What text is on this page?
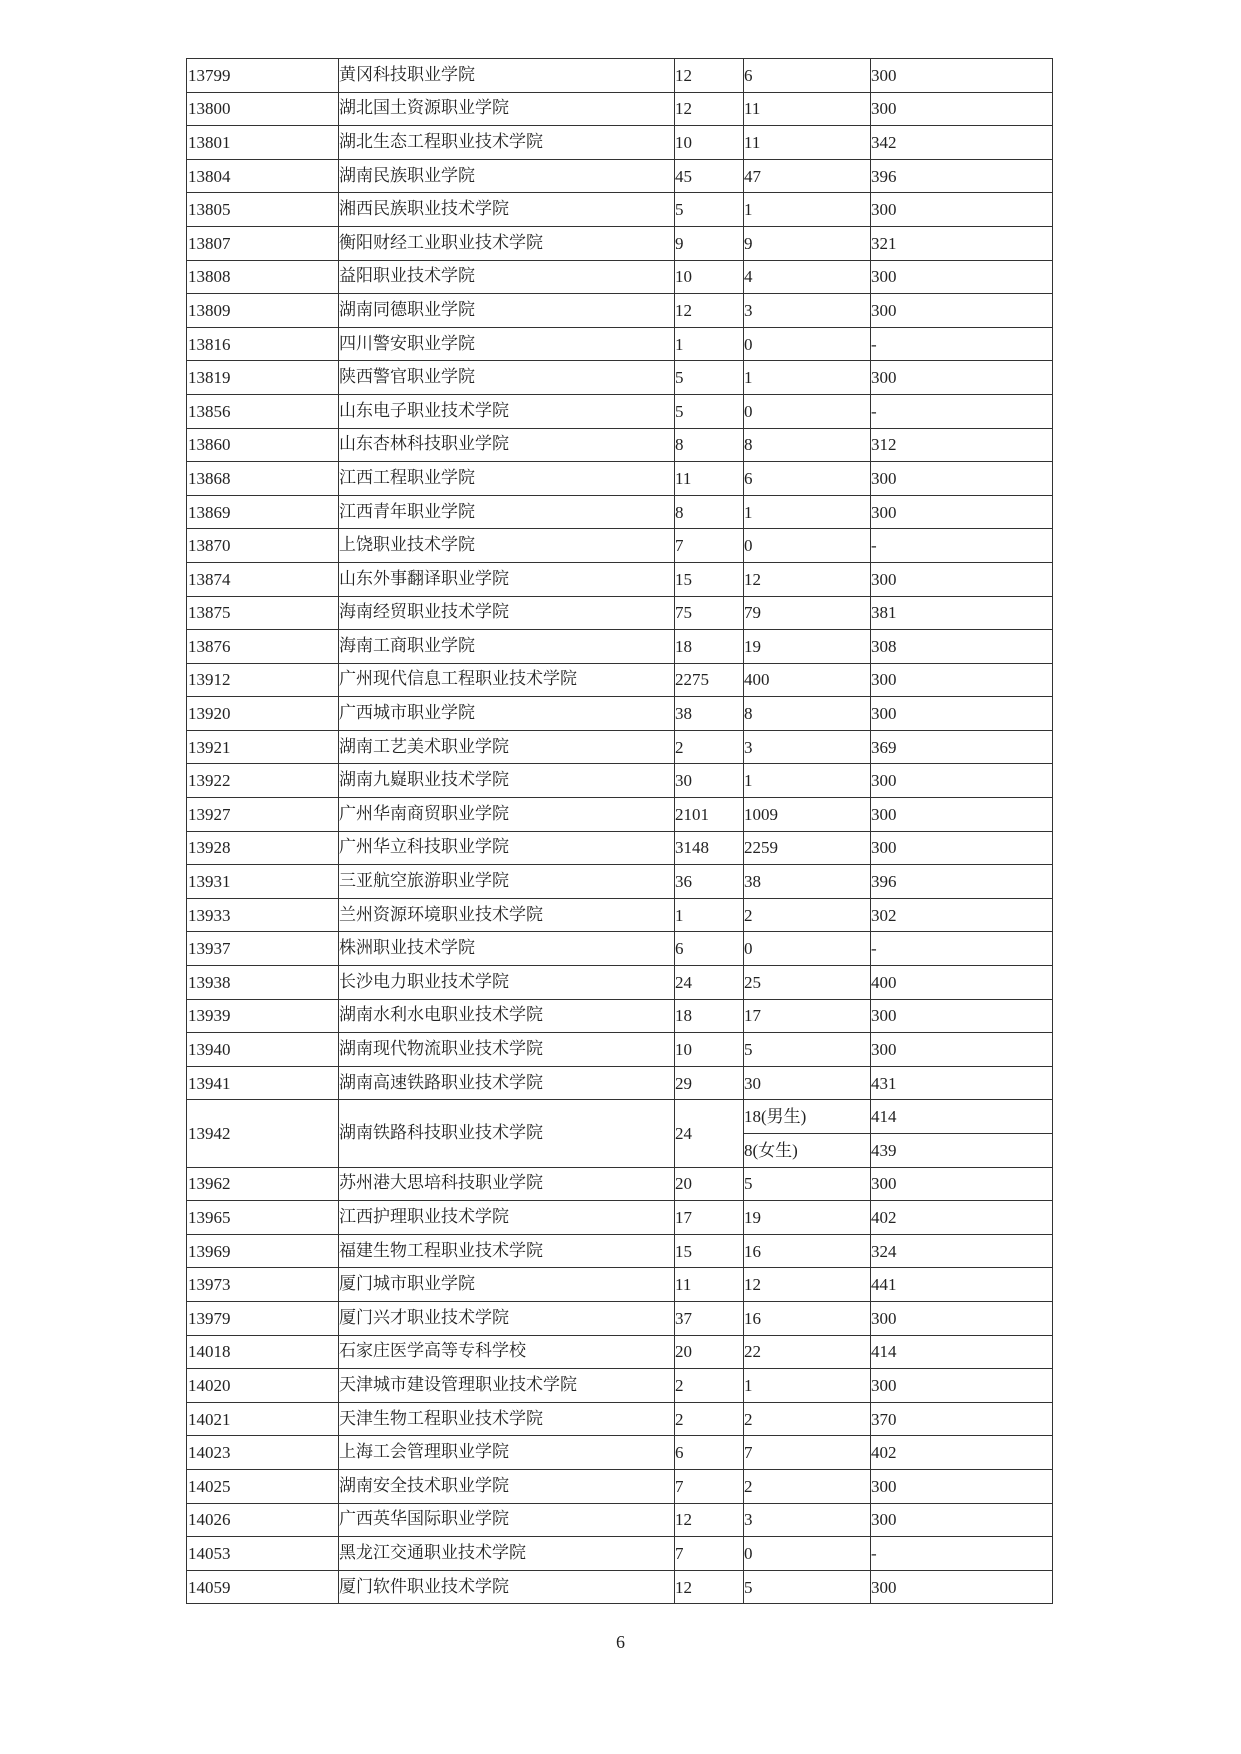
13799	黄冈科技职业学院	12	6	300
13800	湖北国土资源职业学院	12	11	300
13801	湖北生态工程职业技术学院	10	11	342
13804	湖南民族职业学院	45	47	396
13805	湘西民族职业技术学院	5	1	300
13807	衡阳财经工业职业技术学院	9	9	321
13808	益阳职业技术学院	10	4	300
13809	湖南同德职业学院	12	3	300
13816	四川警安职业学院	1	0	-
13819	陕西警官职业学院	5	1	300
13856	山东电子职业技术学院	5	0	-
13860	山东杏林科技职业学院	8	8	312
13868	江西工程职业学院	11	6	300
13869	江西青年职业学院	8	1	300
13870	上饶职业技术学院	7	0	-
13874	山东外事翻译职业学院	15	12	300
13875	海南经贸职业技术学院	75	79	381
13876	海南工商职业学院	18	19	308
13912	广州现代信息工程职业技术学院	2275	400	300
13920	广西城市职业学院	38	8	300
13921	湖南工艺美术职业学院	2	3	369
13922	湖南九嶷职业技术学院	30	1	300
13927	广州华南商贸职业学院	2101	1009	300
13928	广州华立科技职业学院	3148	2259	300
13931	三亚航空旅游职业学院	36	38	396
13933	兰州资源环境职业技术学院	1	2	302
13937	株洲职业技术学院	6	0	-
13938	长沙电力职业技术学院	24	25	400
13939	湖南水利水电职业技术学院	18	17	300
13940	湖南现代物流职业技术学院	10	5	300
13941	湖南高速铁路职业技术学院	29	30	431
13942	湖南铁路科技职业技术学院	24	18(男生)	414
			8(女生)	439
13962	苏州港大思培科技职业学院	20	5	300
13965	江西护理职业技术学院	17	19	402
13969	福建生物工程职业技术学院	15	16	324
13973	厦门城市职业学院	11	12	441
13979	厦门兴才职业技术学院	37	16	300
14018	石家庄医学高等专科学校	20	22	414
14020	天津城市建设管理职业技术学院	2	1	300
14021	天津生物工程职业技术学院	2	2	370
14023	上海工会管理职业学院	6	7	402
14025	湖南安全技术职业学院	7	2	300
14026	广西英华国际职业学院	12	3	300
14053	黑龙江交通职业技术学院	7	0	-
14059	厦门软件职业技术学院	12	5	300
6
